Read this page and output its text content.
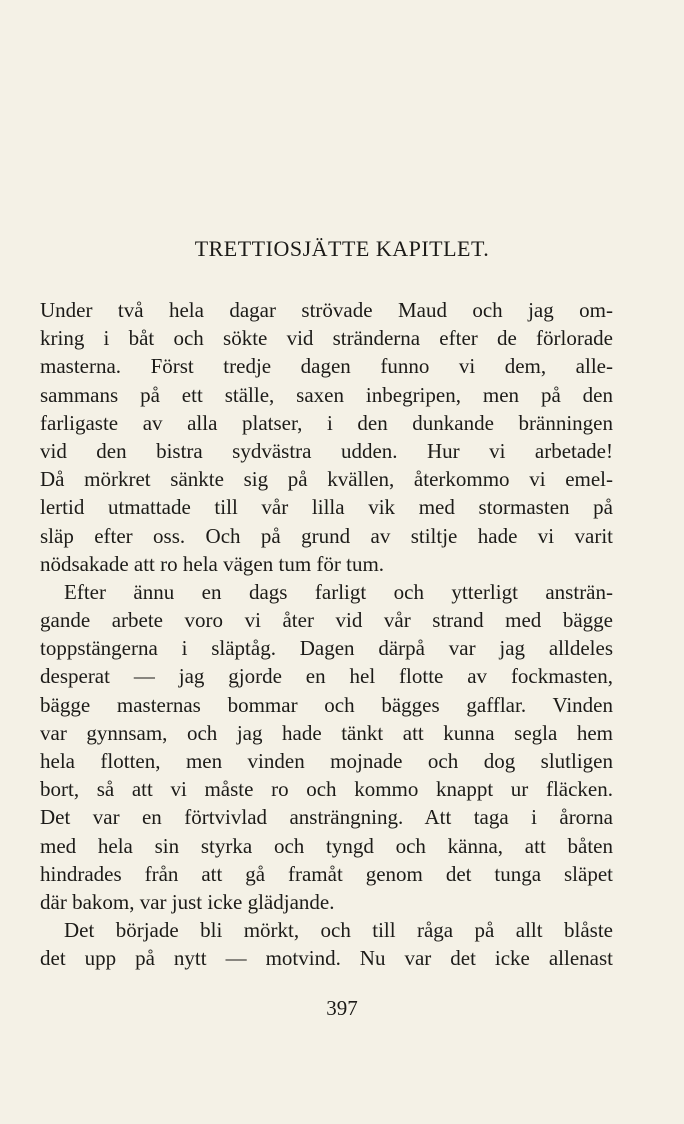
TRETTIOSJÄTTE KAPITLET.
Under två hela dagar strövade Maud och jag om-
kring i båt och sökte vid stränderna efter de förlorade
masterna. Först tredje dagen funno vi dem, alle-
sammans på ett ställe, saxen inbegripen, men på den
farligaste av alla platser, i den dunkande bränningen
vid den bistra sydvästra udden. Hur vi arbetade!
Då mörkret sänkte sig på kvällen, återkommo vi emel-
lertid utmattade till vår lilla vik med stormasten på
släp efter oss. Och på grund av stiltje hade vi varit
nödsakade att ro hela vägen tum för tum.
Efter ännu en dags farligt och ytterligt ansträn-
gande arbete voro vi åter vid vår strand med bägge
toppstängerna i släptåg. Dagen därpå var jag alldeles
desperat — jag gjorde en hel flotte av fockmasten,
bägge masternas bommar och bägges gafflar. Vinden
var gynnsam, och jag hade tänkt att kunna segla hem
hela flotten, men vinden mojnade och dog slutligen
bort, så att vi måste ro och kommo knappt ur fläcken.
Det var en förtvivlad ansträngning. Att taga i årorna
med hela sin styrka och tyngd och känna, att båten
hindrades från att gå framåt genom det tunga släpet
där bakom, var just icke glädjande.
Det började bli mörkt, och till råga på allt blåste
det upp på nytt — motvind. Nu var det icke allenast
397
